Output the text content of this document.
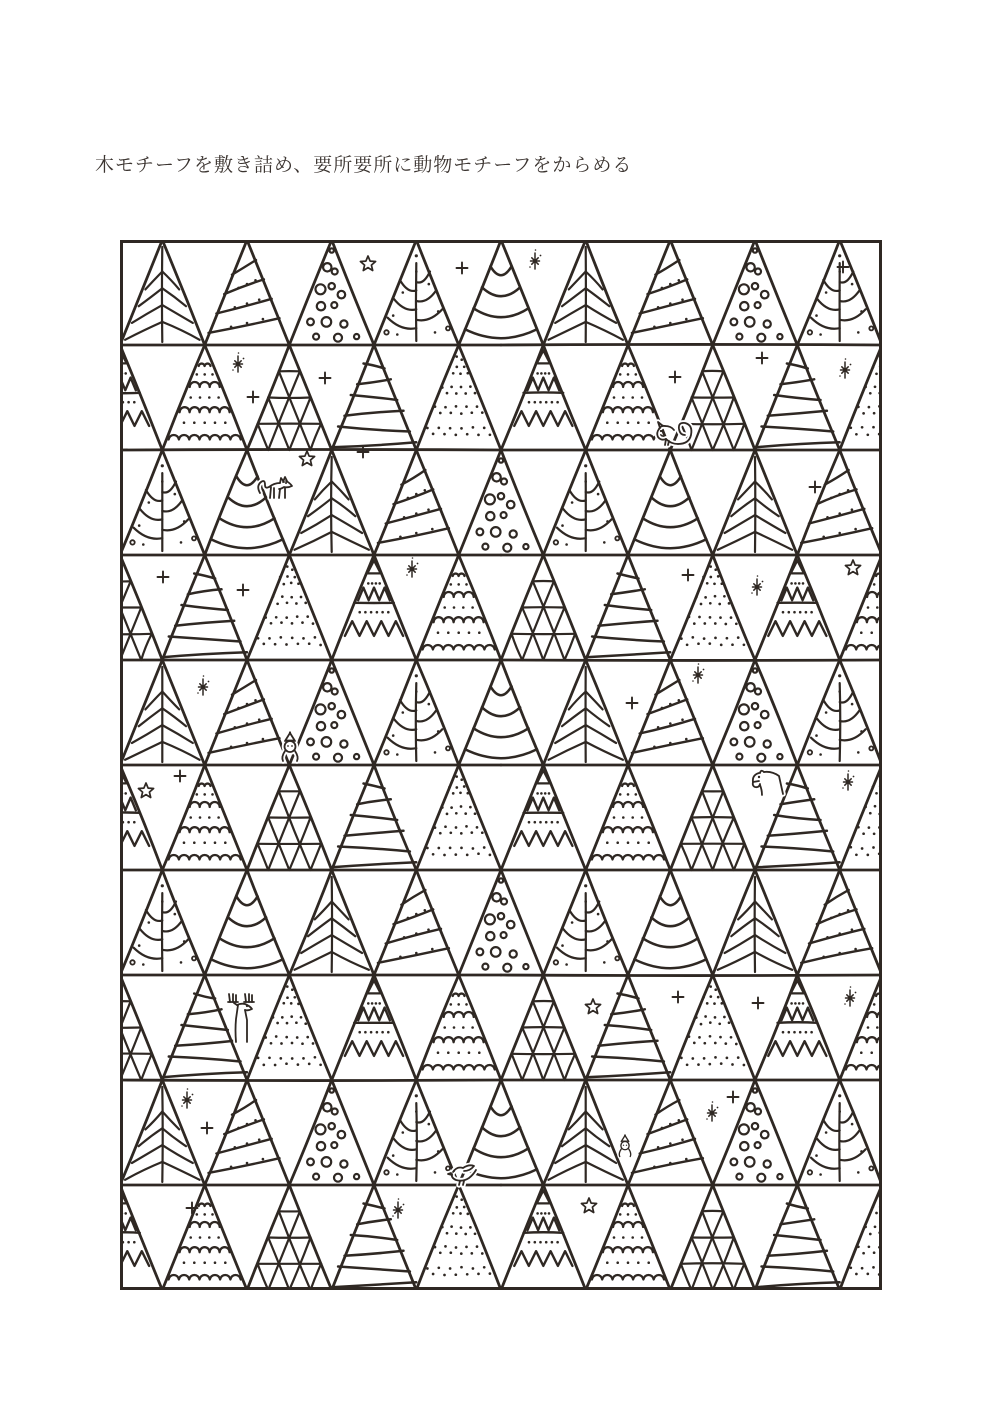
木モチーフを敷き詰め、要所要所に動物モチーフをからめる
